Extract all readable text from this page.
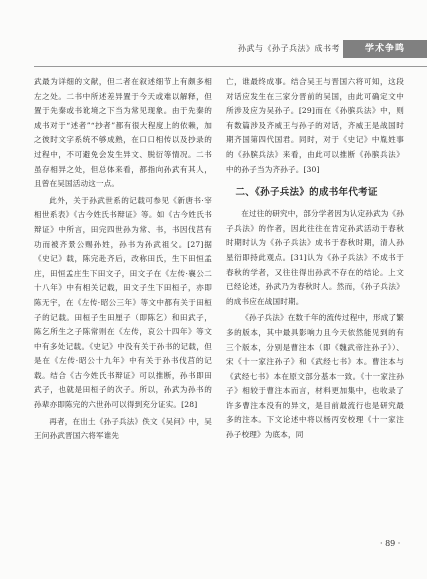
孙武与《孙子兵法》成书考	学术争鸣

武最为详细的文献，但二者在叙述细节上有颇多相左之处。二书中所述差异置于今天或难以解释，但置于先秦或书讹境之下当为常见现象。由于先秦的成书对于“述者”“抄者”都有很大程度上的依赖，加之彼时文字系统不够成熟，在口口相传以及抄录的过程中，不可避免会发生异文、脱衍等情况。二书虽存相异之处，但总体来看，都指向孙武有其人，且曾在吴国活动这一点。

此外，关于孙武世系的记载可参见《新唐书·宰相世系表》《古今姓氏书辩证》等。如《古今姓氏书辩证》中所言，田完四世孙为常、书，书因伐莒有功而被齐景公赐孙姓，孙书为孙武祖父。[27]据《史记》载，陈完赴齐后，改称田氏，生下田恒孟庄，田恒孟庄生下田文子，田文子在《左传·襄公二十八年》中有相关记载，田文子生下田桓子，亦即陈无宇，在《左传·昭公三年》等文中都有关于田桓子的记载。田桓子生田厘子（即陈乞）和田武子，陈乞所生之子陈常则在《左传，哀公十四年》等文中有多处记载。《史记》中没有关于孙书的记载，但是在《左传·昭公十九年》中有关于孙书伐莒的记载。结合《古今姓氏书辩证》可以推断，孙书即田武子，也就是田桓子的次子。所以，孙武为孙书的孙辈亦即陈完的六世孙可以得到充分证实。[28]

再者，在出土《孙子兵法》佚文《吴问》中，吴王问孙武晋国六将军谁先

亡，谁最终成事。结合吴王与晋国六将可知，这段对话应发生在三家分晋前的吴国，由此可确定文中所涉及应为吴孙子。[29]而在《孙膑兵法》中，则有数篇涉及齐威王与孙子的对话，齐威王是战国时期齐国第四代国君。同时，对于《史记》中胤姓事的《孙膑兵法》来看，由此可以推断《孙膑兵法》中的孙子当为齐孙子。[30]

二、《孙子兵法》的成书年代考证

在过往的研究中，部分学者因为认定孙武为《孙子兵法》的作者，因此往往在肯定孙武活动于春秋时期时认为《孙子兵法》成书于春秋时期，清人孙星衍即持此观点。[31]认为《孙子兵法》不成书于春秋的学者，又往往得出孙武不存在的结论。上文已经论述，孙武乃为春秋时人。然而，《孙子兵法》的成书应在战国时期。

《孙子兵法》在数千年的流传过程中，形成了繁多的版本，其中最具影响力且今天依然能见到的有三个版本，分别是曹注本（即《魏武帝注孙子》）、宋《十一家注孙子》和《武经七书》本。曹注本与《武经七书》本在原文部分基本一致。《十一家注孙子》相较于曹注本而言，材料更加集中，也收录了许多曹注本没有的异文，是目前最流行也是研究最多的注本。下文论述中将以杨丙安校理《十一家注孙子校理》为底本，同

· 89 ·
